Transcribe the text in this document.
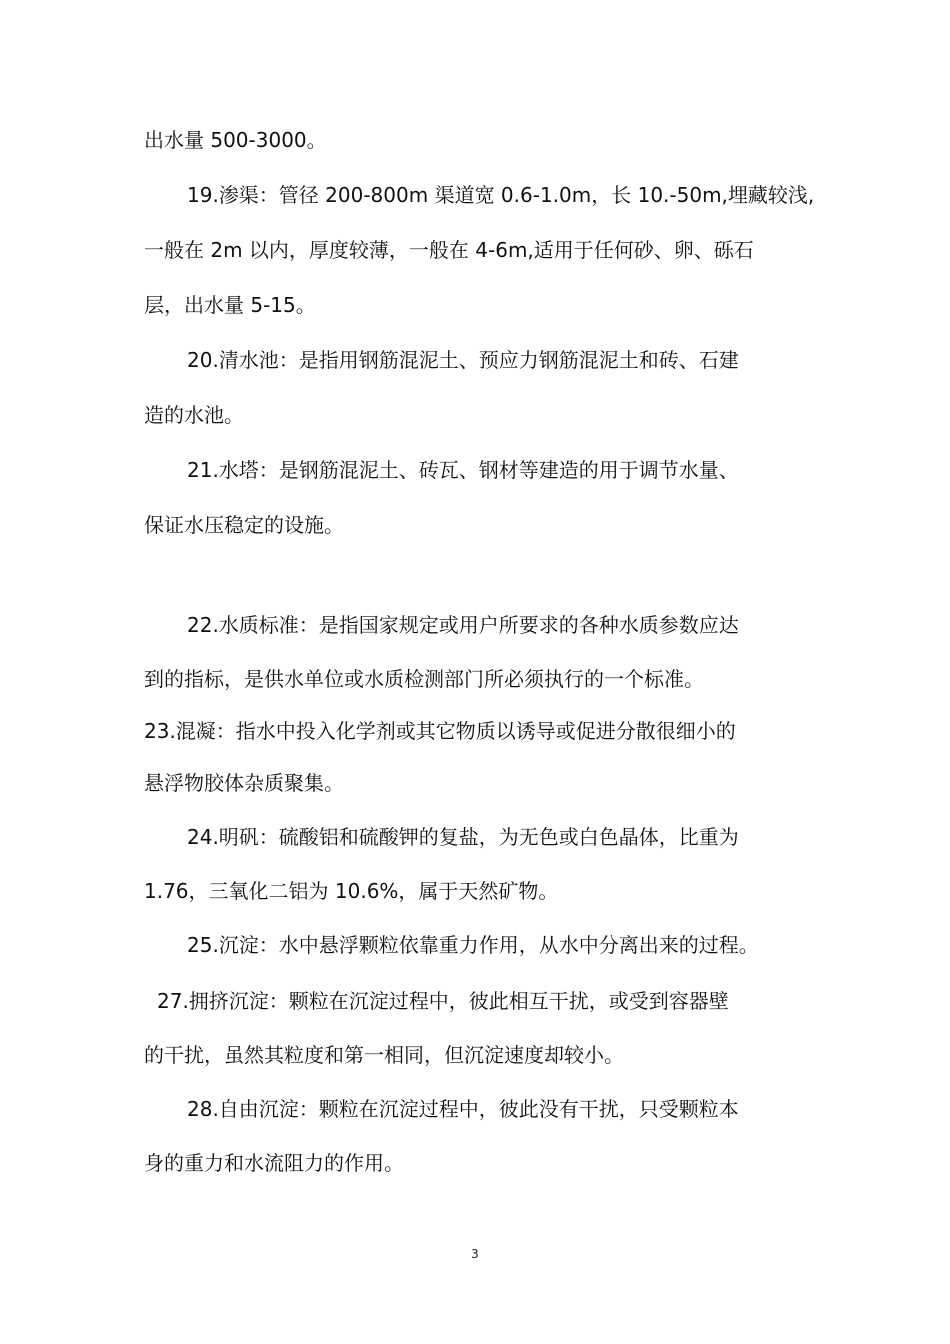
出水量 500-3000。
19.渗渠：管径 200-800m 渠道宽 0.6-1.0m，长 10.-50m,埋藏较浅,
一般在 2m 以内，厚度较薄，一般在 4-6m,适用于任何砂、卵、砾石
层，出水量 5-15。
20.清水池：是指用钢筋混泥土、预应力钢筋混泥土和砖、石建
造的水池。
21.水塔：是钢筋混泥土、砖瓦、钢材等建造的用于调节水量、
保证水压稳定的设施。
22.水质标准：是指国家规定或用户所要求的各种水质参数应达
到的指标，是供水单位或水质检测部门所必须执行的一个标准。
23.混凝：指水中投入化学剂或其它物质以诱导或促进分散很细小的
悬浮物胶体杂质聚集。
24.明矾：硫酸铝和硫酸钾的复盐，为无色或白色晶体，比重为
1.76，三氧化二铝为 10.6%，属于天然矿物。
25.沉淀：水中悬浮颗粒依靠重力作用，从水中分离出来的过程。
27.拥挤沉淀：颗粒在沉淀过程中，彼此相互干扰，或受到容器壁
的干扰，虽然其粒度和第一相同，但沉淀速度却较小。
28.自由沉淀：颗粒在沉淀过程中，彼此没有干扰，只受颗粒本
身的重力和水流阻力的作用。
3
